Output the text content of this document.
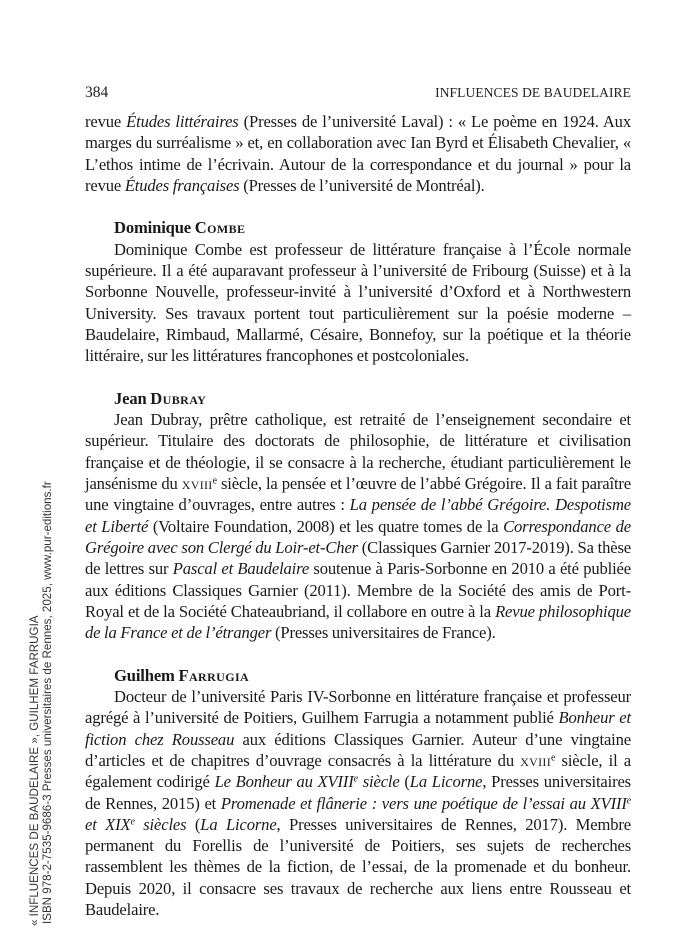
384	INFLUENCES DE BAUDELAIRE

revue Études littéraires (Presses de l’université Laval) : « Le poème en 1924. Aux marges du surréalisme » et, en collaboration avec Ian Byrd et Élisabeth Chevalier, « L’ethos intime de l’écrivain. Autour de la correspondance et du journal » pour la revue Études françaises (Presses de l’université de Montréal).

Dominique Combe

Dominique Combe est professeur de littérature française à l’École normale supérieure. Il a été auparavant professeur à l’université de Fribourg (Suisse) et à la Sorbonne Nouvelle, professeur-invité à l’université d’Oxford et à Northwestern University. Ses travaux portent tout particulièrement sur la poésie moderne – Baudelaire, Rimbaud, Mallarmé, Césaire, Bonnefoy, sur la poétique et la théorie littéraire, sur les littératures francophones et postcoloniales.

Jean Dubray

Jean Dubray, prêtre catholique, est retraité de l’enseignement secondaire et supérieur. Titulaire des doctorats de philosophie, de littérature et civilisation française et de théologie, il se consacre à la recherche, étudiant particulièrement le jansénisme du xviii$^e$ siècle, la pensée et l’œuvre de l’abbé Grégoire. Il a fait paraître une vingtaine d’ouvrages, entre autres : La pensée de l’abbé Grégoire. Despotisme et Liberté (Voltaire Foundation, 2008) et les quatre tomes de la Correspondance de Grégoire avec son Clergé du Loir-et-Cher (Classiques Garnier 2017-2019). Sa thèse de lettres sur Pascal et Baudelaire soutenue à Paris-Sorbonne en 2010 a été publiée aux éditions Classiques Garnier (2011). Membre de la Société des amis de Port-Royal et de la Société Chateaubriand, il collabore en outre à la Revue philosophique de la France et de l’étranger (Presses universitaires de France).

Guilhem Farrugia

Docteur de l’université Paris IV-Sorbonne en littérature française et professeur agrégé à l’université de Poitiers, Guilhem Farrugia a notamment publié Bonheur et fiction chez Rousseau aux éditions Classiques Garnier. Auteur d’une vingtaine d’articles et de chapitres d’ouvrage consacrés à la littérature du xviii$^e$ siècle, il a également codirigé Le Bonheur au XVIIIe siècle (La Licorne, Presses universitaires de Rennes, 2015) et Promenade et flânerie : vers une poétique de l’essai au XVIIIe et XIXe siècles (La Licorne, Presses universitaires de Rennes, 2017). Membre permanent du Forellis de l’université de Poitiers, ses sujets de recherches rassemblent les thèmes de la fiction, de l’essai, de la promenade et du bonheur. Depuis 2020, il consacre ses travaux de recherche aux liens entre Rousseau et Baudelaire.

« INFLUENCES DE BAUDELAIRE », GUILHEM FARRUGIA ISBN 978-2-7535-9686-3 Presses universitaires de Rennes, 2025, www.pur-editions.fr
